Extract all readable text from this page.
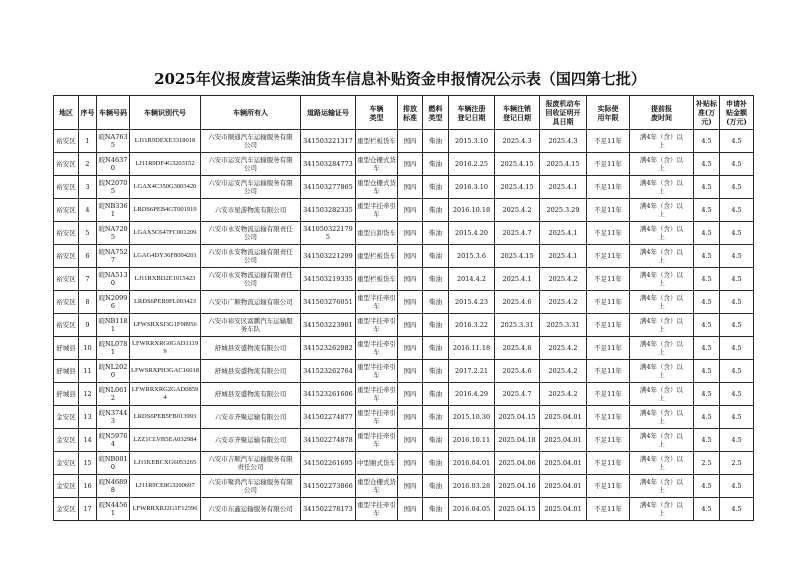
2025年仪报废营运柴油货车信息补贴资金申报情况公示表（国四第七批）
地区	序号	车辆号码	车辆识别代号	车辆所有人	道路运输证号	车辆类型	排放标准	燃料类型	车辆注册登记日期	车辆注销登记日期	报废机动车回收证明开具日期	实际使用年限	提前报废时间	补贴标准(万元)	申请补贴金额(万元)
裕安区	1	皖NA7635	LJ11R9DEXE3318018	六安市顺通汽车运输服务有限公司	341503221317	重型栏板货车	国四	柴油	2015.3.10	2025.4.3	2025.4.3	不足11年	满4年（含）以上	4.5	4.5
裕安区	2	皖N46370	LJ11R9DF4G3203152	六安市运安汽车运输服务有限公司	341503284773	重型仓栅式货车	国四	柴油	2016.2.25	2025.4.15	2025.4.15	不足11年	满4年（含）以上	4.5	4.5
裕安区	3	皖N20705	LGAX4C350G3003420	六安市运安汽车运输服务有限公司	341503277865	重型仓栅式货车	国四	柴油	2016.3.10	2025.4.15	2025.4.1	不足11年	满4年（含）以上	4.5	4.5
裕安区	4	皖NB3361	LRDS6PEB4GT001919	六安市星游物流有限公司	341503282335	重型半挂牵引车	国四	柴油	2016.10.18	2025.4.2	2025.3.29	不足11年	满4年（含）以上	4.5	4.5
裕安区	5	皖NA7205	LGAX5C647FC001209	六安市永安物流运输有限责任公司	3410503221795	重型自卸货车	国四	柴油	2015.4.20	2025.4.7	2025.4.1	不足11年	满4年（含）以上	4.5	4.5
裕安区	6	皖NA7527	LGAG4DY36F8004201	六安市永安物流运输有限责任公司	341503221299	重型栏板货车	国四	柴油	2015.3.6	2025.4.15	2025.4.1	不足11年	满4年（含）以上	4.5	4.5
裕安区	7	皖NA5130	LJ11RXBD2E1015423	六安市永安物流运输有限责任公司	341503219335	重型栏板货车	国四	柴油	2014.4.2	2025.4.1	2025.4.2	不足11年	满4年（含）以上	4.5	4.5
裕安区	8	皖N20996	LRDS6PEB9FL003423	六安市广顺物流运输有限公司	341503276051	重型半挂牵引车	国四	柴油	2015.4.23	2025.4.6	2025.4.2	不足11年	满4年（含）以上	4.5	4.5
裕安区	9	皖NB1181	LFWSRXSJ3G1F08956	六安市裕安区富鹏汽车运输服务车队	341503223901	重型半挂牵引车	国四	柴油	2016.3.22	2025.3.31	2025.3.31	不足11年	满4年（含）以上	4.5	4.5
舒城县	10	皖NL0781	LFWRRXRG0GAD11199	舒城县安盛物流有限公司	341523262082	重型半挂牵引车	国四	柴油	2016.11.18	2025.4.6	2025.4.2	不足11年	满4年（含）以上	4.5	4.5
舒城县	11	皖NL2020	LFWSRXPH3GAC16018	舒城县安盛物流有限公司	341523262764	重型半挂牵引车	国四	柴油	2017.2.21	2025.4.6	2025.4.2	不足11年	满4年（含）以上	4.5	4.5
舒城县	12	皖NL0612	LFWRRXRG2GAD08594	舒城县安盛物流有限公司	341523261606	重型半挂牵引车	国四	柴油	2016.4.29	2025.4.7	2025.4.2	不足11年	满4年（含）以上	4.5	4.5
金安区	13	皖N37443	LRDS6PEB5FB013993	六安市齐聚运输有限公司	341502274877	重型半挂牵引车	国四	柴油	2015.10.30	2025.04.15	2025.04.01	不足11年	满4年（含）以上	4.5	4.5
金安区	14	皖N59764	LZZ1CLVB5EA032984	六安市齐聚运输有限公司	341502274878	重型半挂牵引车	国四	柴油	2016.10.11	2025.04.18	2025.04.01	不足11年	满4年（含）以上	4.5	4.5
金安区	15	皖NB0010	LJ11KEBCXG6053265	六安市吉顺汽车运输服务有限责任公司	341502261695	中型厢式货车	国四	柴油	2016.04.01	2025.04.06	2025.04.01	不足11年	满4年（含）以上	2.5	2.5
金安区	16	皖N46898	LJ11R9CE8G3200697	六安市聚鸿汽车运输服务有限公司	341502273866	重型仓栅式货车	国四	柴油	2016.03.28	2025.04.16	2025.04.01	不足11年	满4年（含）以上	4.5	4.5
金安区	17	皖N44561	LFWRRXRJ2G1F12596	六安市东鑫运输服务有限公司	341502278173	重型半挂牵引车	国四	柴油	2016.04.05	2025.04.15	2025.04.01	不足11年	满4年（含）以上	4.5	4.5
